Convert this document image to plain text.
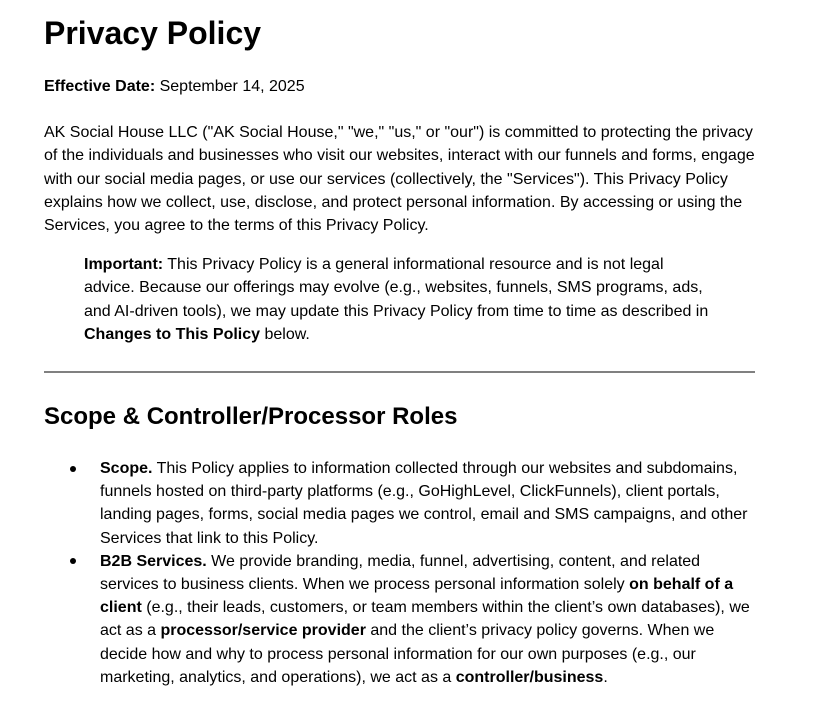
Privacy Policy

Effective Date: September 14, 2025

AK Social House LLC ("AK Social House," "we," "us," or "our") is committed to protecting the privacy of the individuals and businesses who visit our websites, interact with our funnels and forms, engage with our social media pages, or use our services (collectively, the "Services"). This Privacy Policy explains how we collect, use, disclose, and protect personal information. By accessing or using the Services, you agree to the terms of this Privacy Policy.

Important: This Privacy Policy is a general informational resource and is not legal advice. Because our offerings may evolve (e.g., websites, funnels, SMS programs, ads, and AI-driven tools), we may update this Privacy Policy from time to time as described in Changes to This Policy below.
Scope & Controller/Processor Roles
Scope. This Policy applies to information collected through our websites and subdomains, funnels hosted on third-party platforms (e.g., GoHighLevel, ClickFunnels), client portals, landing pages, forms, social media pages we control, email and SMS campaigns, and other Services that link to this Policy.
B2B Services. We provide branding, media, funnel, advertising, content, and related services to business clients. When we process personal information solely on behalf of a client (e.g., their leads, customers, or team members within the client’s own databases), we act as a processor/service provider and the client’s privacy policy governs. When we decide how and why to process personal information for our own purposes (e.g., our marketing, analytics, and operations), we act as a controller/business.
